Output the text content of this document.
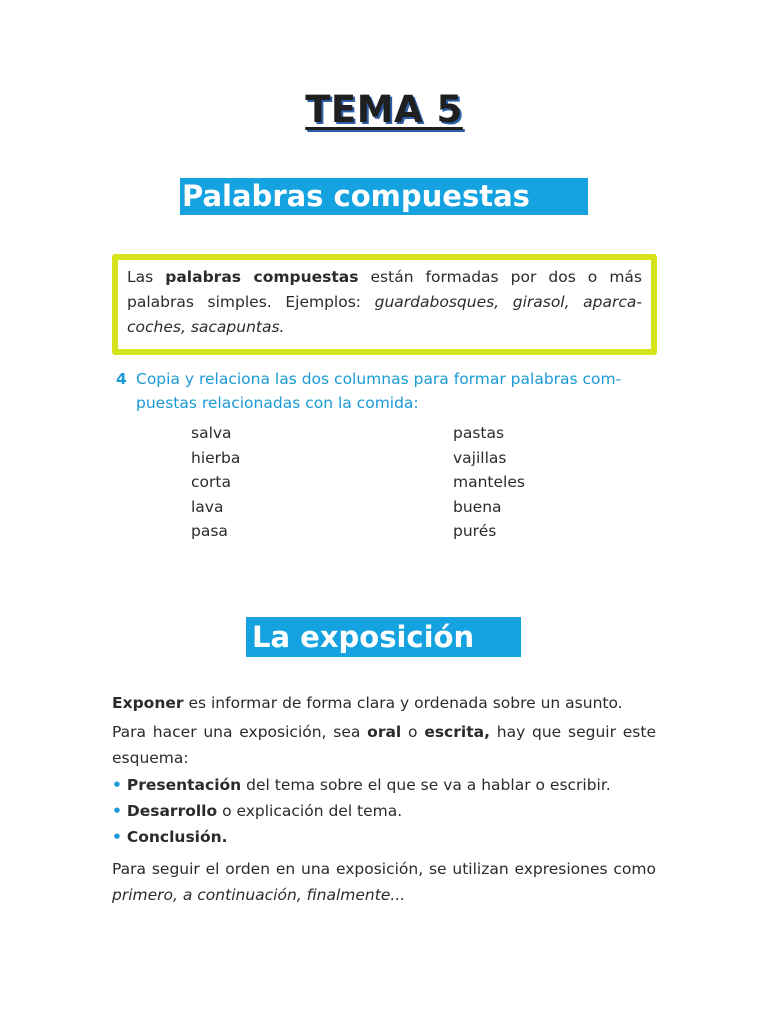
TEMA 5
Palabras compuestas
Las palabras compuestas están formadas por dos o más palabras simples. Ejemplos: guardabosques, girasol, aparca-coches, sacapuntas.
4 Copia y relaciona las dos columnas para formar palabras com-puestas relacionadas con la comida:
salva
hierba
corta
lava
pasa
pastas
vajillas
manteles
buena
purés
La exposición
Exponer es informar de forma clara y ordenada sobre un asunto.
Para hacer una exposición, sea oral o escrita, hay que seguir este esquema:
• Presentación del tema sobre el que se va a hablar o escribir.
• Desarrollo o explicación del tema.
• Conclusión.
Para seguir el orden en una exposición, se utilizan expresiones como primero, a continuación, finalmente...
